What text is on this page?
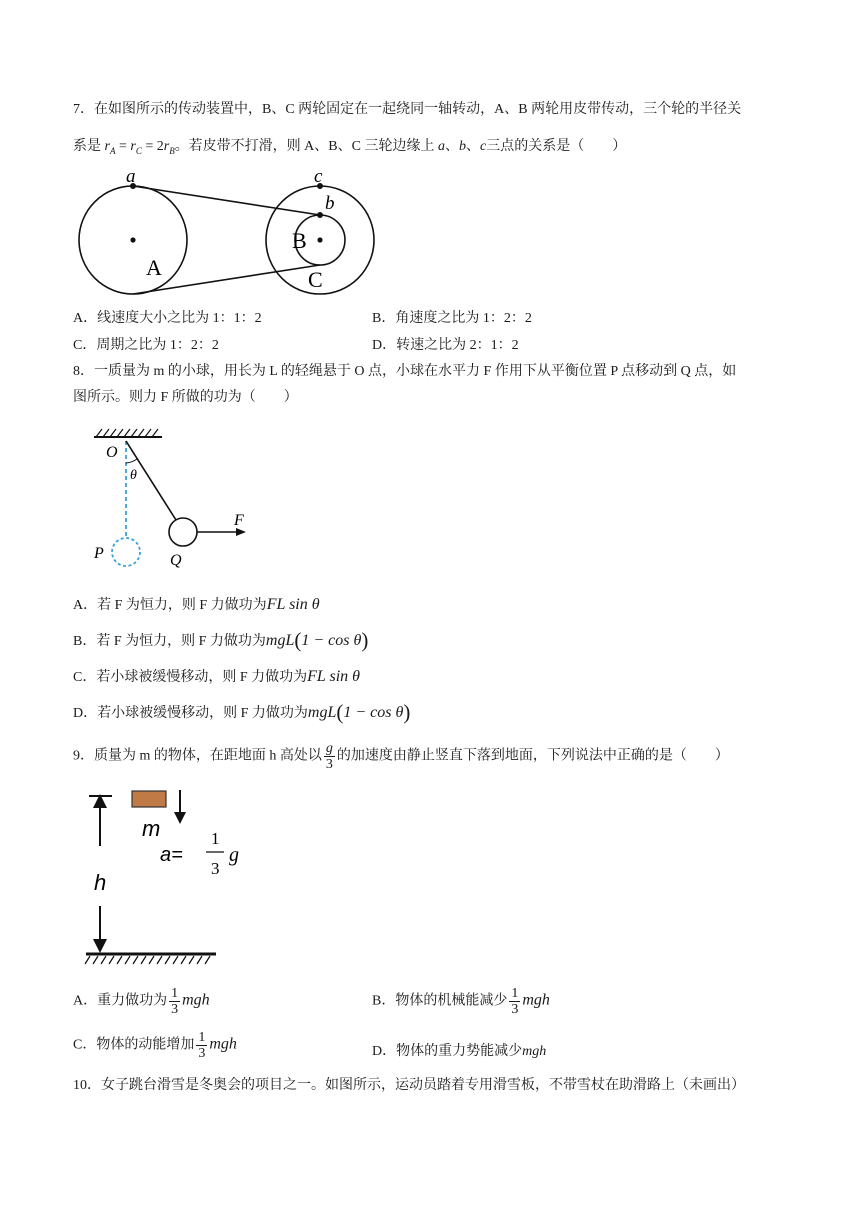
7．在如图所示的传动装置中，B、C 两轮固定在一起绕同一轴转动，A、B 两轮用皮带传动，三个轮的半径关
系是 $r_A = r_C = 2r_B$。若皮带不打滑，则 A、B、C 三轮边缘上 a、b、c三点的关系是（　　）
a	c
b
A
B
C
A．线速度大小之比为 1：1：2	B．角速度之比为 1：2：2
C．周期之比为 1：2：2	D．转速之比为 2：1：2
8．一质量为 m 的小球，用长为 L 的轻绳悬于 O 点，小球在水平力 F 作用下从平衡位置 P 点移动到 Q 点，如
图所示。则力 F 所做的功为（　　）
O
θ
F
P	Q
A．若 F 为恒力，则 F 力做功为FL sin θ
B．若 F 为恒力，则 F 力做功为mgL(1 − cos θ)
C．若小球被缓慢移动，则 F 力做功为FL sin θ
D．若小球被缓慢移动，则 F 力做功为mgL(1 − cos θ)
9．质量为 m 的物体，在距地面 h 高处以 $\frac{g}{3}$ 的加速度由静止竖直下落到地面，下列说法中正确的是（　　）
m
a=
1
3
g
h
A．重力做功为 $\frac{1}{3}$ mgh	B．物体的机械能减少 $\frac{1}{3}$ mgh
C．物体的动能增加 $\frac{1}{3}$ mgh	D．物体的重力势能减少mgh
10．女子跳台滑雪是冬奥会的项目之一。如图所示，运动员踏着专用滑雪板，不带雪杖在助滑路上（未画出）
